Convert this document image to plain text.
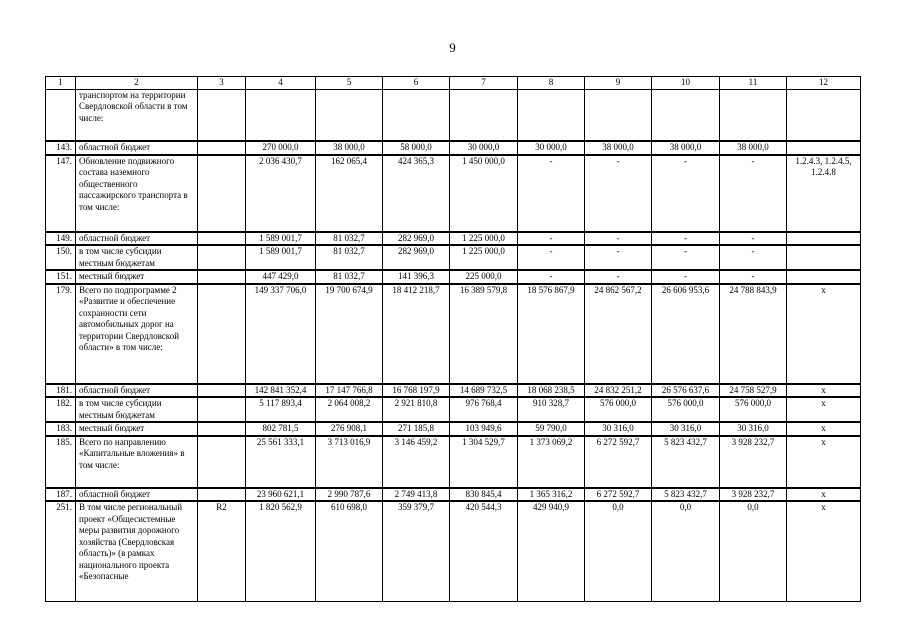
9
1	2	3	4	5	6	7	8	9	10	11	12
	транспортом на территории Свердловской области в том числе:										
143.	областной бюджет		270 000,0	38 000,0	58 000,0	30 000,0	30 000,0	38 000,0	38 000,0	38 000,0	
147.	Обновление подвижного состава наземного общественного пассажирского транспорта в том числе:		2 036 430,7	162 065,4	424 365,3	1 450 000,0	-	-	-	-	1.2.4.3, 1.2.4.5, 1.2.4.8
149.	областной бюджет		1 589 001,7	81 032,7	282 969,0	1 225 000,0	-	-	-	-	
150.	в том числе субсидии местным бюджетам		1 589 001,7	81 032,7	282 969,0	1 225 000,0	-	-	-	-	
151.	местный бюджет		447 429,0	81 032,7	141 396,3	225 000,0	-	-	-	-	
179.	Всего по подпрограмме 2 «Развитие и обеспечение сохранности сети автомобильных дорог на территории Свердловской области» в том числе:		149 337 706,0	19 700 674,9	18 412 218,7	16 389 579,8	18 576 867,9	24 862 567,2	26 606 953,6	24 788 843,9	x
181.	областной бюджет		142 841 352,4	17 147 766,8	16 768 197,9	14 689 732,5	18 068 238,5	24 832 251,2	26 576 637,6	24 758 527,9	x
182.	в том числе субсидии местным бюджетам		5 117 893,4	2 064 008,2	2 921 810,8	976 768,4	910 328,7	576 000,0	576 000,0	576 000,0	x
183.	местный бюджет		802 781,5	276 908,1	271 185,8	103 949,6	59 790,0	30 316,0	30 316,0	30 316,0	x
185.	Всего по направлению «Капитальные вложения» в том числе:		25 561 333,1	3 713 016,9	3 146 459,2	1 304 529,7	1 373 069,2	6 272 592,7	5 823 432,7	3 928 232,7	x
187.	областной бюджет		23 960 621,1	2 990 787,6	2 749 413,8	830 845,4	1 365 316,2	6 272 592,7	5 823 432,7	3 928 232,7	x
251.	В том числе региональный проект «Общесистемные меры развития дорожного хозяйства (Свердловская область)» (в рамках национального проекта «Безопасные	R2	1 820 562,9	610 698,0	359 379,7	420 544,3	429 940,9	0,0	0,0	0,0	x
